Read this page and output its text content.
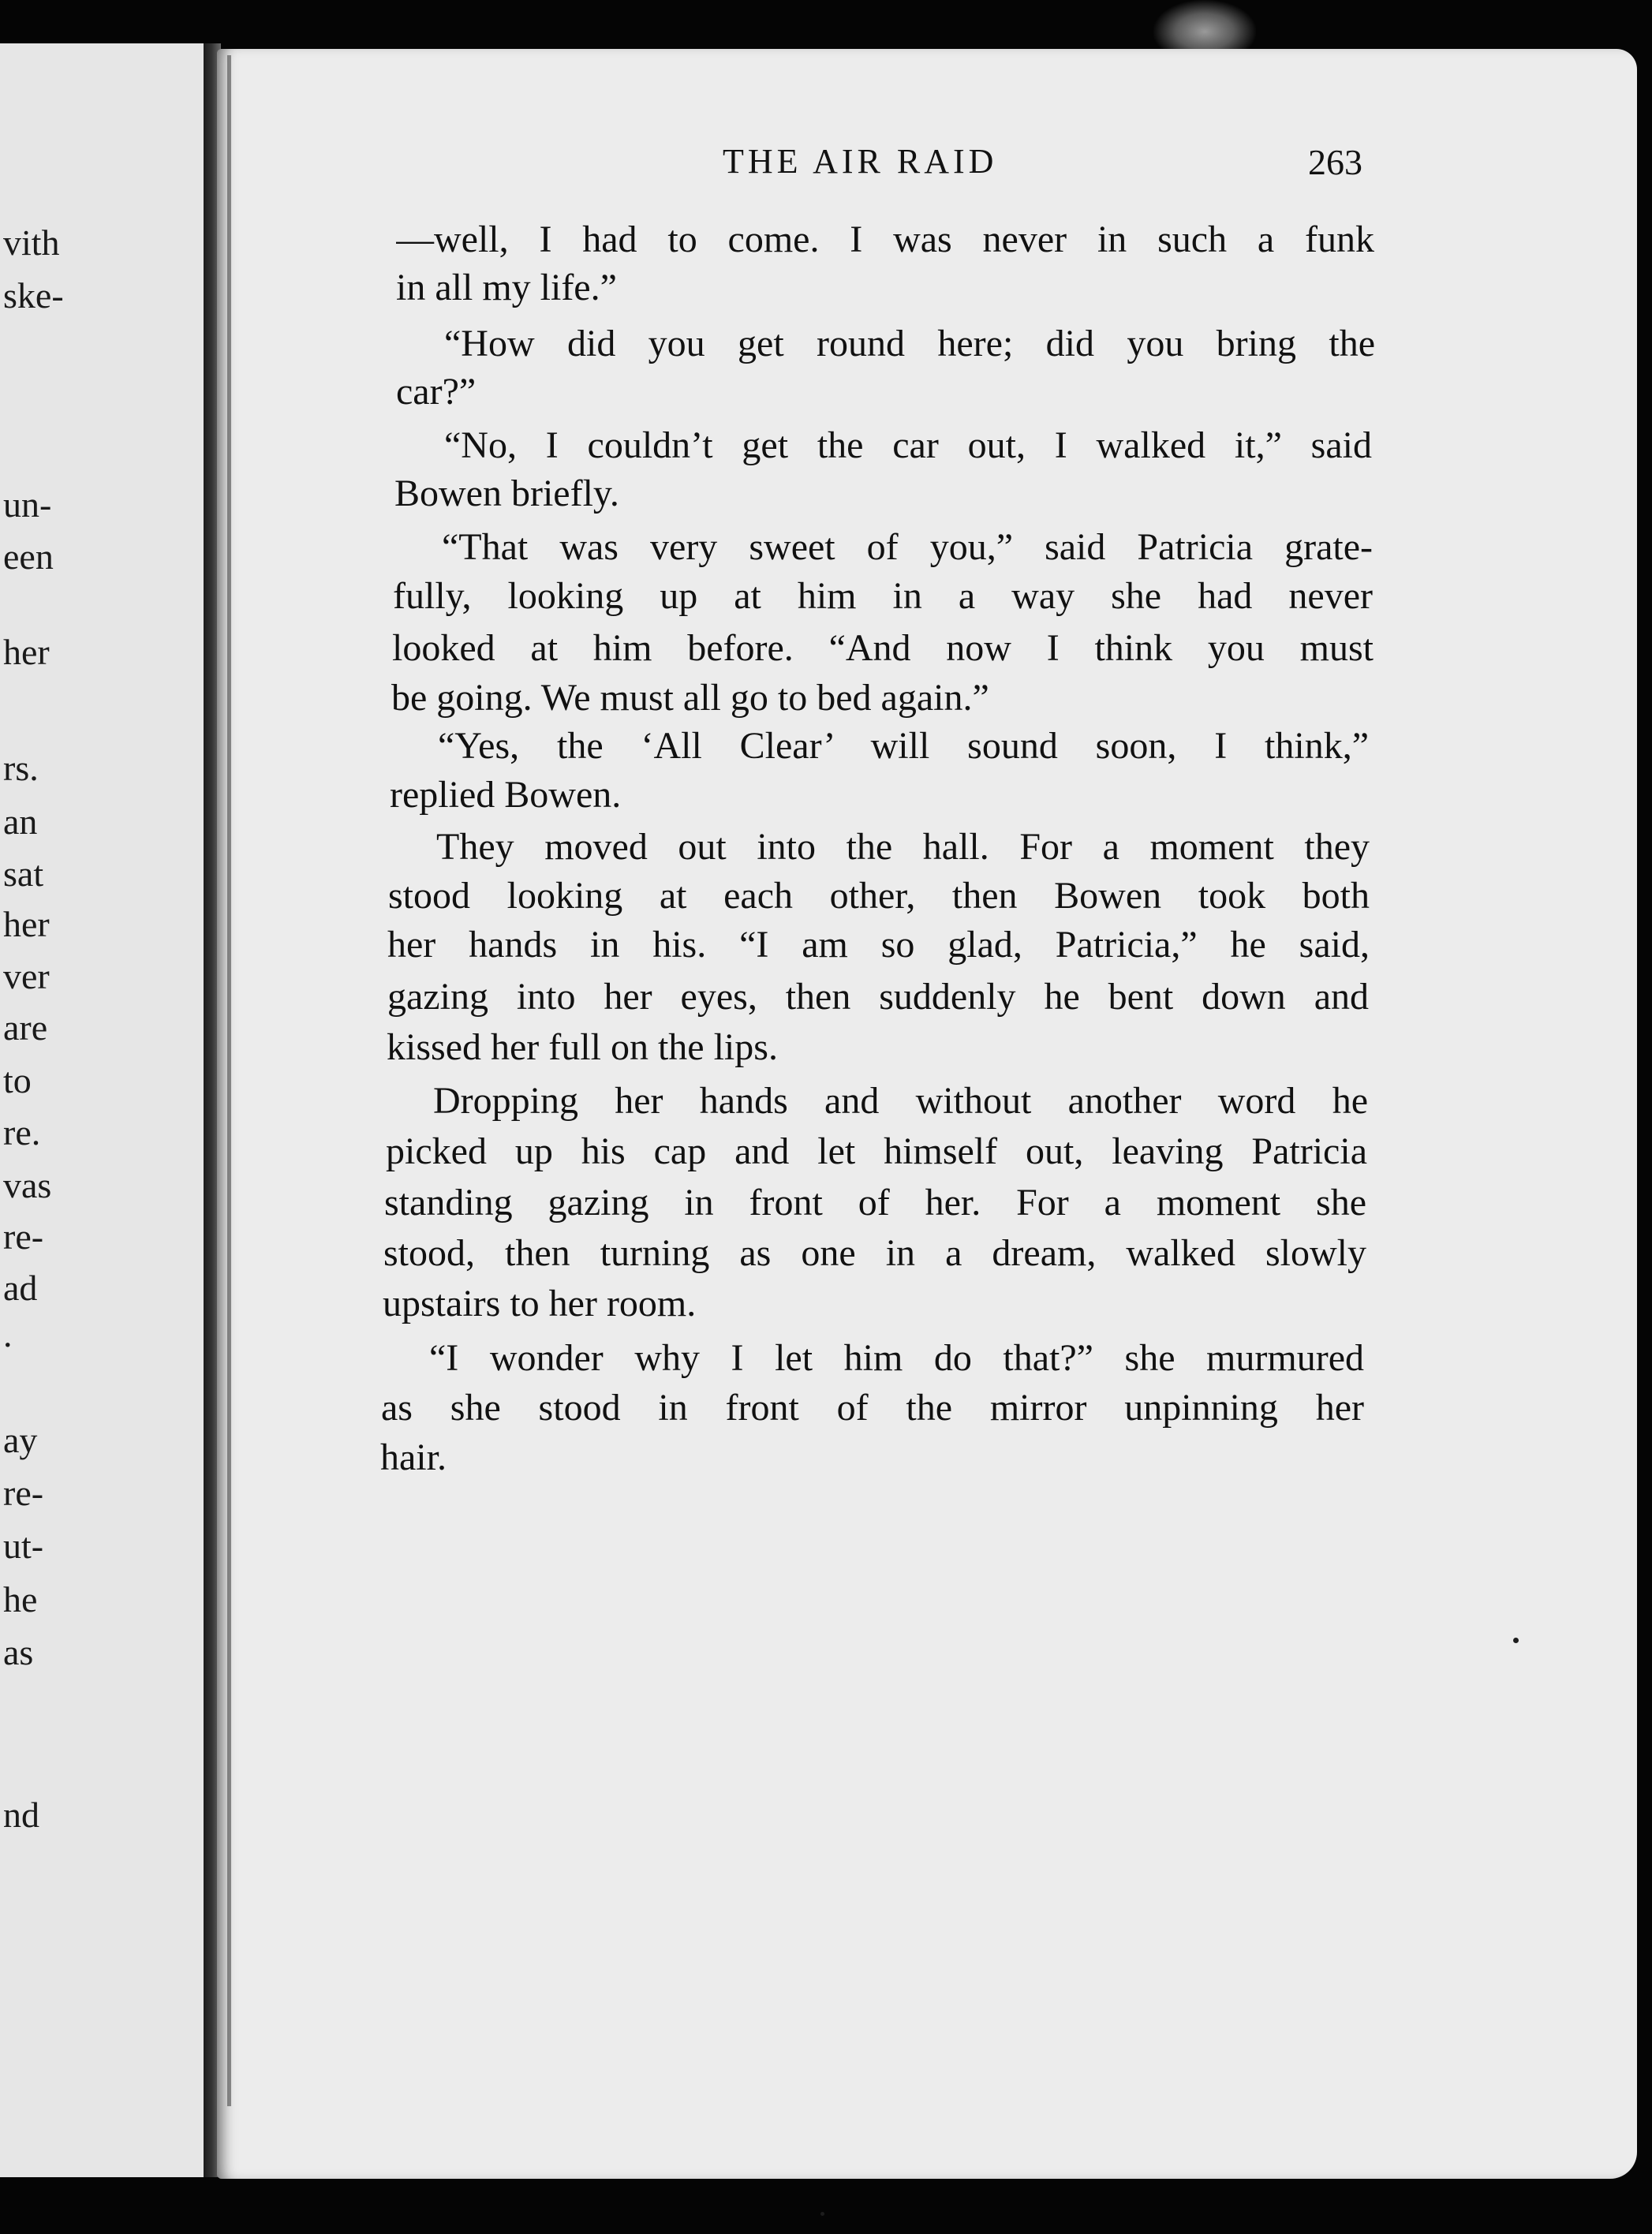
vith
ske-
un-
een
her
rs.
an
sat
her
ver
are
to
re.
vas
re-
ad
.
ay
re-
ut-
he
as
nd
THE AIR RAID	263
—well, I had to come. I was never in such a funk
in all my life.”
“How did you get round here; did you bring the
car?”
“No, I couldn’t get the car out, I walked it,” said
Bowen briefly.
“That was very sweet of you,” said Patricia grate-
fully, looking up at him in a way she had never
looked at him before. “And now I think you must
be going. We must all go to bed again.”
“Yes, the ‘All Clear’ will sound soon, I think,”
replied Bowen.
They moved out into the hall. For a moment they
stood looking at each other, then Bowen took both
her hands in his. “I am so glad, Patricia,” he said,
gazing into her eyes, then suddenly he bent down and
kissed her full on the lips.
Dropping her hands and without another word he
picked up his cap and let himself out, leaving Patricia
standing gazing in front of her. For a moment she
stood, then turning as one in a dream, walked slowly
upstairs to her room.
“I wonder why I let him do that?” she murmured
as she stood in front of the mirror unpinning her
hair.
